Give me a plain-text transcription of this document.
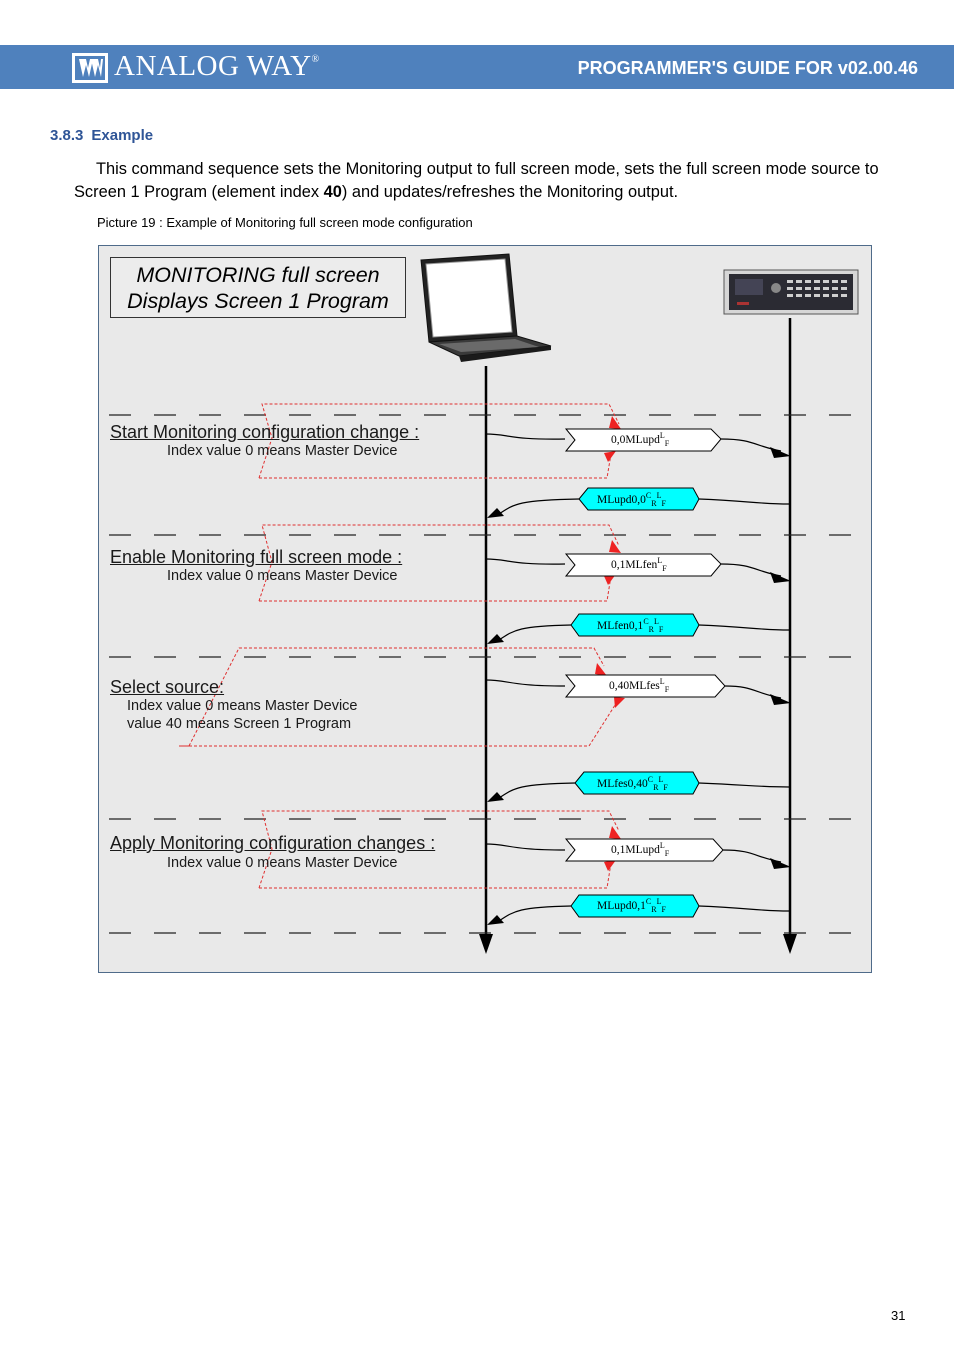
ANALOG WAY®	PROGRAMMER'S GUIDE FOR v02.00.46
3.8.3 Example
This command sequence sets the Monitoring output to full screen mode, sets the full screen mode source to Screen 1 Program (element index 40) and updates/refreshes the Monitoring output.
Picture 19 : Example of Monitoring full screen mode configuration
MONITORING full screen
Displays Screen 1 Program
Start Monitoring configuration change :
Index value 0 means Master Device
0,0MLupd$^L_F$
$MLupd0,0^C_R^L_F$
Enable Monitoring full screen mode :
Index value 0 means Master Device
0,1MLfen$^L_F$
$MLfen0,1^C_R^L_F$
Select source:
Index value 0 means Master Device
value 40 means Screen 1 Program
0,40MLfes$^L_F$
$MLfes0,40^C_R^L_F$
Apply Monitoring configuration changes :
Index value 0 means Master Device
0,1MLupd$^L_F$
$MLupd0,1^C_R^L_F$
31
